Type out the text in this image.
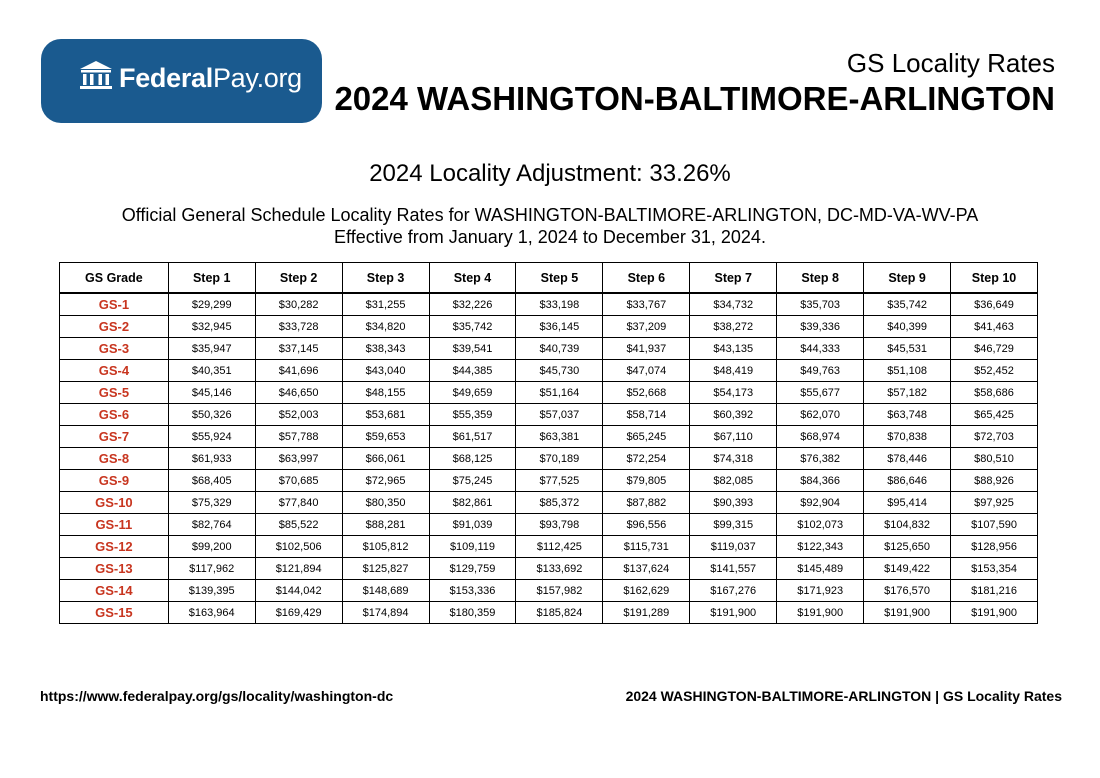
FederalPay.org	GS Locality Rates
2024 WASHINGTON-BALTIMORE-ARLINGTON
2024 Locality Adjustment: 33.26%
Official General Schedule Locality Rates for WASHINGTON-BALTIMORE-ARLINGTON, DC-MD-VA-WV-PA
Effective from January 1, 2024 to December 31, 2024.
GS Grade	Step 1	Step 2	Step 3	Step 4	Step 5	Step 6	Step 7	Step 8	Step 9	Step 10
GS-1	$29,299	$30,282	$31,255	$32,226	$33,198	$33,767	$34,732	$35,703	$35,742	$36,649
GS-2	$32,945	$33,728	$34,820	$35,742	$36,145	$37,209	$38,272	$39,336	$40,399	$41,463
GS-3	$35,947	$37,145	$38,343	$39,541	$40,739	$41,937	$43,135	$44,333	$45,531	$46,729
GS-4	$40,351	$41,696	$43,040	$44,385	$45,730	$47,074	$48,419	$49,763	$51,108	$52,452
GS-5	$45,146	$46,650	$48,155	$49,659	$51,164	$52,668	$54,173	$55,677	$57,182	$58,686
GS-6	$50,326	$52,003	$53,681	$55,359	$57,037	$58,714	$60,392	$62,070	$63,748	$65,425
GS-7	$55,924	$57,788	$59,653	$61,517	$63,381	$65,245	$67,110	$68,974	$70,838	$72,703
GS-8	$61,933	$63,997	$66,061	$68,125	$70,189	$72,254	$74,318	$76,382	$78,446	$80,510
GS-9	$68,405	$70,685	$72,965	$75,245	$77,525	$79,805	$82,085	$84,366	$86,646	$88,926
GS-10	$75,329	$77,840	$80,350	$82,861	$85,372	$87,882	$90,393	$92,904	$95,414	$97,925
GS-11	$82,764	$85,522	$88,281	$91,039	$93,798	$96,556	$99,315	$102,073	$104,832	$107,590
GS-12	$99,200	$102,506	$105,812	$109,119	$112,425	$115,731	$119,037	$122,343	$125,650	$128,956
GS-13	$117,962	$121,894	$125,827	$129,759	$133,692	$137,624	$141,557	$145,489	$149,422	$153,354
GS-14	$139,395	$144,042	$148,689	$153,336	$157,982	$162,629	$167,276	$171,923	$176,570	$181,216
GS-15	$163,964	$169,429	$174,894	$180,359	$185,824	$191,289	$191,900	$191,900	$191,900	$191,900
https://www.federalpay.org/gs/locality/washington-dc	2024 WASHINGTON-BALTIMORE-ARLINGTON | GS Locality Rates
